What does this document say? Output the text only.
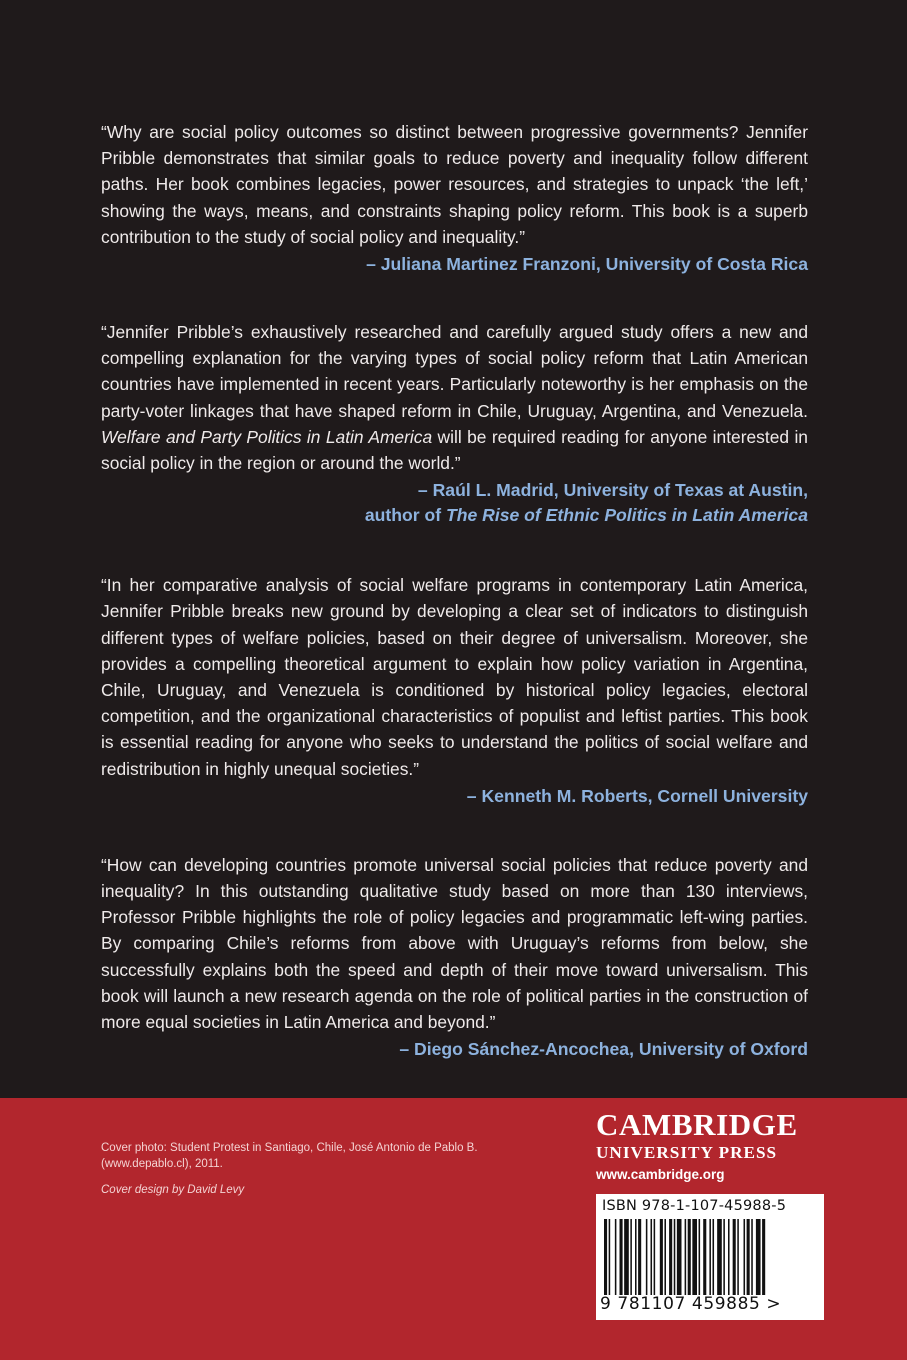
“Why are social policy outcomes so distinct between progressive governments? Jennifer Pribble demonstrates that similar goals to reduce poverty and inequality follow different paths. Her book combines legacies, power resources, and strategies to unpack ‘the left,’ showing the ways, means, and constraints shaping policy reform. This book is a superb contribution to the study of social policy and inequality.”

– Juliana Martinez Franzoni, University of Costa Rica

“Jennifer Pribble’s exhaustively researched and carefully argued study offers a new and compelling explanation for the varying types of social policy reform that Latin American countries have implemented in recent years. Particularly noteworthy is her emphasis on the party-voter linkages that have shaped reform in Chile, Uruguay, Argentina, and Venezuela. Welfare and Party Politics in Latin America will be required reading for anyone interested in social policy in the region or around the world.”

– Raúl L. Madrid, University of Texas at Austin,
author of The Rise of Ethnic Politics in Latin America

“In her comparative analysis of social welfare programs in contemporary Latin America, Jennifer Pribble breaks new ground by developing a clear set of indicators to distinguish different types of welfare policies, based on their degree of universalism. Moreover, she provides a compelling theoretical argument to explain how policy variation in Argentina, Chile, Uruguay, and Venezuela is conditioned by historical policy legacies, electoral competition, and the organizational characteristics of populist and leftist parties. This book is essential reading for anyone who seeks to understand the politics of social welfare and redistribution in highly unequal societies.”

– Kenneth M. Roberts, Cornell University

“How can developing countries promote universal social policies that reduce poverty and inequality? In this outstanding qualitative study based on more than 130 interviews, Professor Pribble highlights the role of policy legacies and programmatic left-wing parties. By comparing Chile’s reforms from above with Uruguay’s reforms from below, she successfully explains both the speed and depth of their move toward universalism. This book will launch a new research agenda on the role of political parties in the construction of more equal societies in Latin America and beyond.”

– Diego Sánchez-Ancochea, University of Oxford

Cover photo: Student Protest in Santiago, Chile, José Antonio de Pablo B. (www.depablo.cl), 2011.

Cover design by David Levy

CAMBRIDGE
UNIVERSITY PRESS
www.cambridge.org
ISBN 978-1-107-45988-5
9 781107 459885 >
